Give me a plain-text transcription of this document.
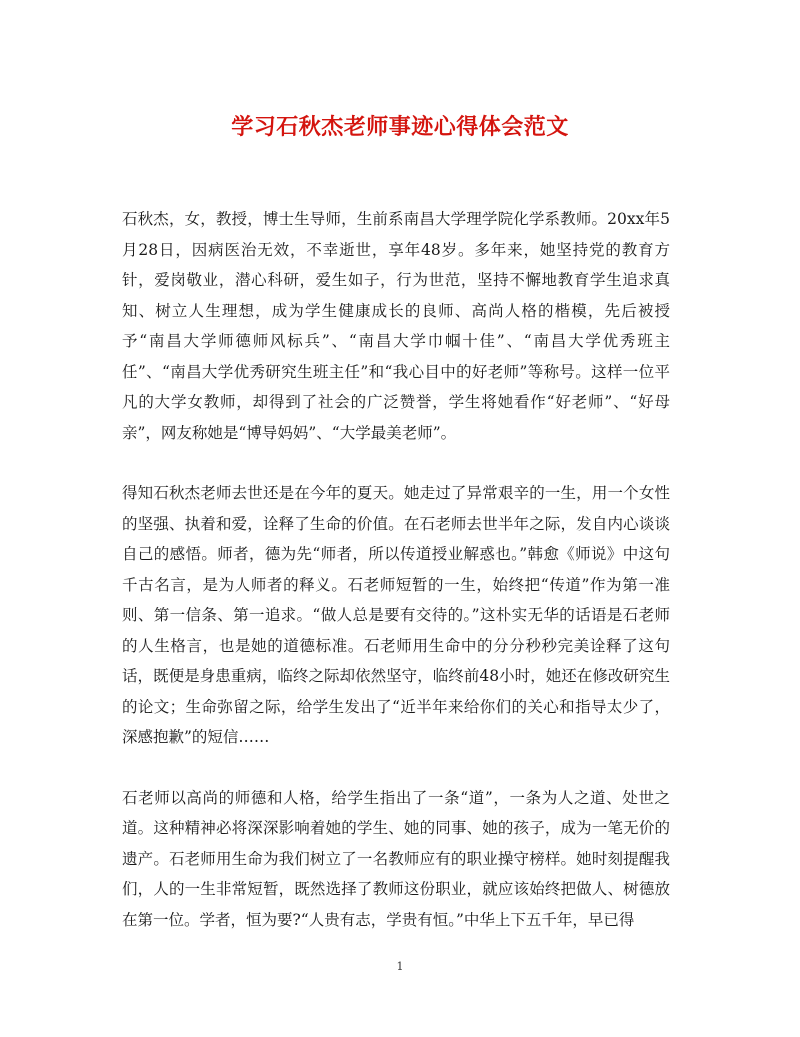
学习石秋杰老师事迹心得体会范文

石秋杰，女，教授，博士生导师，生前系南昌大学理学院化学系教师。20xx年5月28日，因病医治无效，不幸逝世，享年48岁。多年来，她坚持党的教育方针，爱岗敬业，潜心科研，爱生如子，行为世范，坚持不懈地教育学生追求真知、树立人生理想，成为学生健康成长的良师、高尚人格的楷模，先后被授予“南昌大学师德师风标兵”、“南昌大学巾帼十佳”、“南昌大学优秀班主任”、“南昌大学优秀研究生班主任”和“我心目中的好老师”等称号。这样一位平凡的大学女教师，却得到了社会的广泛赞誉，学生将她看作“好老师”、“好母亲”，网友称她是“博导妈妈”、“大学最美老师”。

得知石秋杰老师去世还是在今年的夏天。她走过了异常艰辛的一生，用一个女性的坚强、执着和爱，诠释了生命的价值。在石老师去世半年之际，发自内心谈谈自己的感悟。师者，德为先“师者，所以传道授业解惑也。”韩愈《师说》中这句千古名言，是为人师者的释义。石老师短暂的一生，始终把“传道”作为第一准则、第一信条、第一追求。“做人总是要有交待的。”这朴实无华的话语是石老师的人生格言，也是她的道德标准。石老师用生命中的分分秒秒完美诠释了这句话，既便是身患重病，临终之际却依然坚守，临终前48小时，她还在修改研究生的论文；生命弥留之际，给学生发出了“近半年来给你们的关心和指导太少了，深感抱歉”的短信……

石老师以高尚的师德和人格，给学生指出了一条“道”，一条为人之道、处世之道。这种精神必将深深影响着她的学生、她的同事、她的孩子，成为一笔无价的遗产。石老师用生命为我们树立了一名教师应有的职业操守榜样。她时刻提醒我们，人的一生非常短暂，既然选择了教师这份职业，就应该始终把做人、树德放在第一位。学者，恒为要?“人贵有志，学贵有恒。”中华上下五千年，早已得

1
